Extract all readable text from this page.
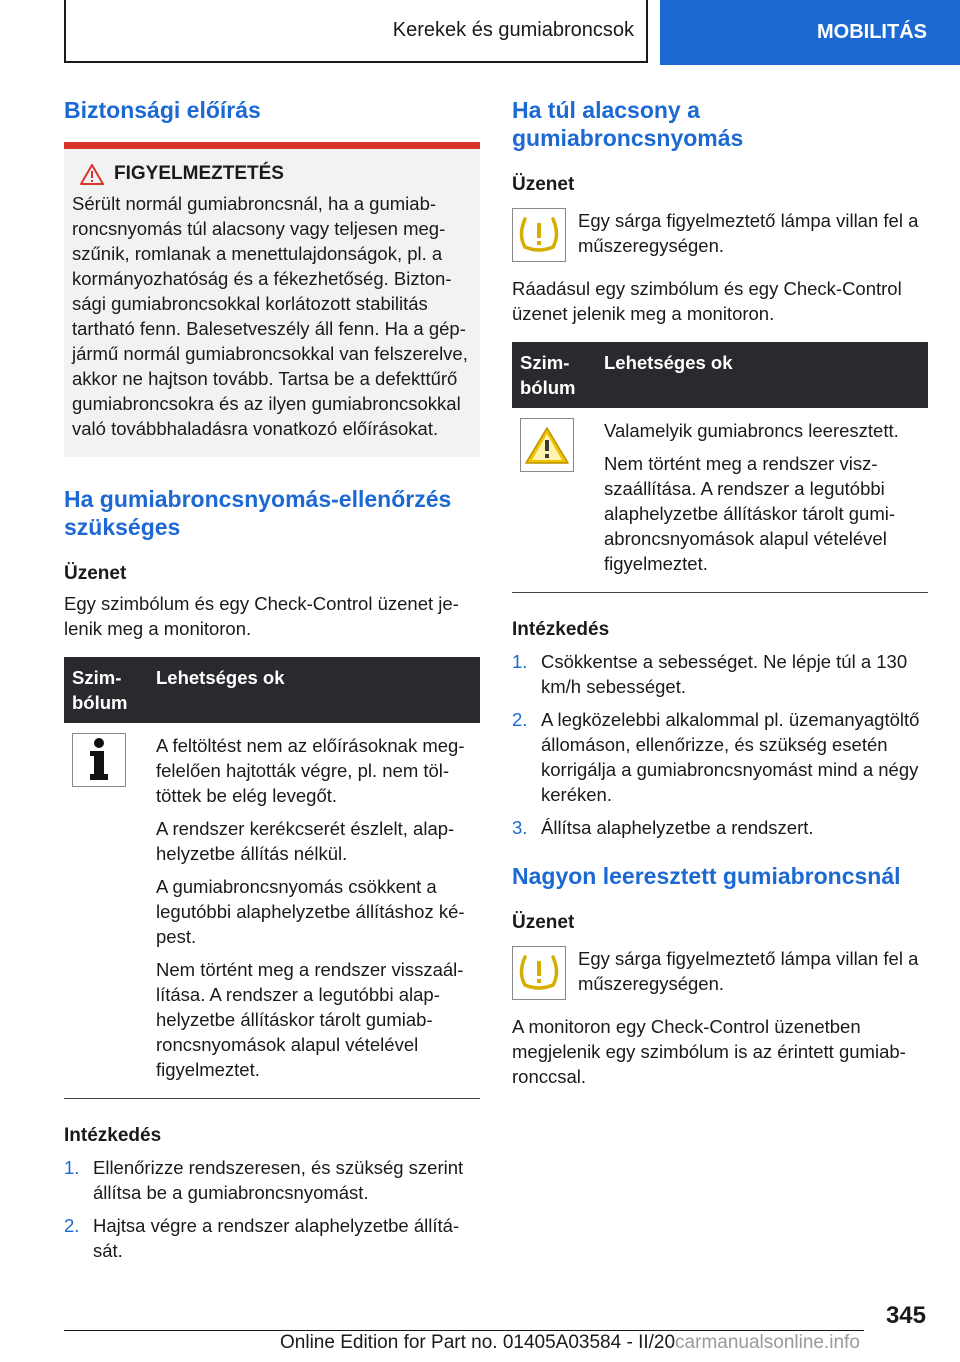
Kerekek és gumiabroncsok	MOBILITÁS
Biztonsági előírás
FIGYELMEZTETÉS
Sérült normál gumiabroncsnál, ha a gumiabroncsnyomás túl alacsony vagy teljesen megszűnik, romlanak a menettulajdonságok, pl. a kormányozhatóság és a fékezhetőség. Biztonsági gumiabroncsokkal korlátozott stabilitás tartható fenn. Balesetveszély áll fenn. Ha a gépjármű normál gumiabroncsokkal van felszerelve, akkor ne hajtson tovább. Tartsa be a defekttűrő gumiabroncsokra és az ilyen gumiabroncsokkal való továbbhaladásra vonatkozó előírásokat.
Ha gumiabroncsnyomás-ellenőrzés szükséges
Üzenet

Egy szimbólum és egy Check-Control üzenet jelenik meg a monitoron.

Szimbólum
Lehetséges ok

A feltöltést nem az előírásoknak megfelelően hajtották végre, pl. nem töltöttek be elég levegőt.

A rendszer kerékcserét észlelt, alaphelyzetbe állítás nélkül.

A gumiabroncsnyomás csökkent a legutóbbi alaphelyzetbe állításhoz képest.

Nem történt meg a rendszer visszaállítása. A rendszer a legutóbbi alaphelyzetbe állításkor tárolt gumiabroncsnyomások alapul vételével figyelmeztet.

Intézkedés
1. Ellenőrizze rendszeresen, és szükség szerint állítsa be a gumiabroncsnyomást.
2. Hajtsa végre a rendszer alaphelyzetbe állítását.
Ha túl alacsony a gumiabroncsnyomás
Üzenet

Egy sárga figyelmeztető lámpa villan fel a műszeregységen.

Ráadásul egy szimbólum és egy Check-Control üzenet jelenik meg a monitoron.

Szimbólum
Lehetséges ok

Valamelyik gumiabroncs leeresztett.

Nem történt meg a rendszer viszszaállítása. A rendszer a legutóbbi alaphelyzetbe állításkor tárolt gumiabroncsnyomások alapul vételével figyelmeztet.

Intézkedés
1. Csökkentse a sebességet. Ne lépje túl a 130 km/h sebességet.
2. A legközelebbi alkalommal pl. üzemanyagtöltő állomáson, ellenőrizze, és szükség esetén korrigálja a gumiabroncsnyomást mind a négy keréken.
3. Állítsa alaphelyzetbe a rendszert.
Nagyon leeresztett gumiabroncsnál
Üzenet

Egy sárga figyelmeztető lámpa villan fel a műszeregységen.

A monitoron egy Check-Control üzenetben megjelenik egy szimbólum is az érintett gumiabronccsal.

345
Online Edition for Part no. 01405A03584 - II/20carmanualsonline.info
